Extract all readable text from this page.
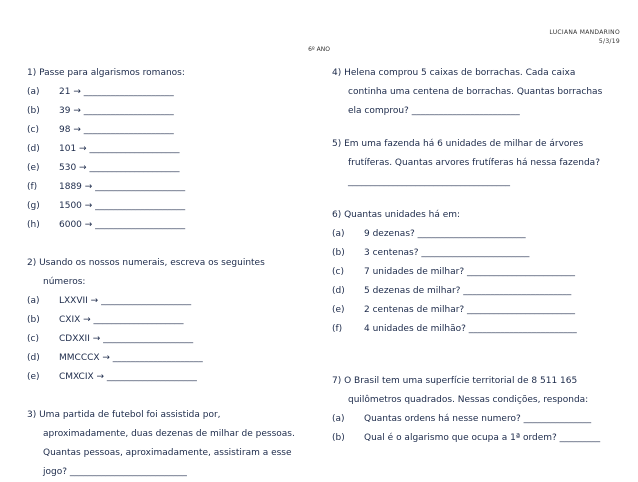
LUCIANA MANDARINO
5/3/19
6º ANO

1) Passe para algarismos romanos:

(a)	21 → ____________________
(b)	39 → ____________________
(c)	98 → ____________________
(d)	101 → ____________________
(e)	530 → ____________________
(f)	1889 → ____________________
(g)	1500 → ____________________
(h)	6000 → ____________________

2) Usando os nossos numerais, escreva os seguintes

números:

(a)	LXXVII → ____________________
(b)	CXIX → ____________________
(c)	CDXXII → ____________________
(d)	MMCCCX → ____________________
(e)	CMXCIX → ____________________

3) Uma partida de futebol foi assistida por,

aproximadamente, duas dezenas de milhar de pessoas.

Quantas pessoas, aproximadamente, assistiram a esse

jogo? __________________________

4) Helena comprou 5 caixas de borrachas. Cada caixa

continha uma centena de borrachas. Quantas borrachas

ela comprou? ________________________

5) Em uma fazenda há 6 unidades de milhar de árvores

frutíferas. Quantas arvores frutíferas há nessa fazenda?

____________________________________

6) Quantas unidades há em:

(a)	9 dezenas? ________________________
(b)	3 centenas? ________________________
(c)	7 unidades de milhar? ________________________
(d)	5 dezenas de milhar? ________________________
(e)	2 centenas de milhar? ________________________
(f)	4 unidades de milhão? ________________________

7) O Brasil tem uma superfície territorial de 8 511 165

quilômetros quadrados. Nessas condições, responda:

(a)	Quantas ordens há nesse numero? _______________
(b)	Qual é o algarismo que ocupa a 1ª ordem? _________
